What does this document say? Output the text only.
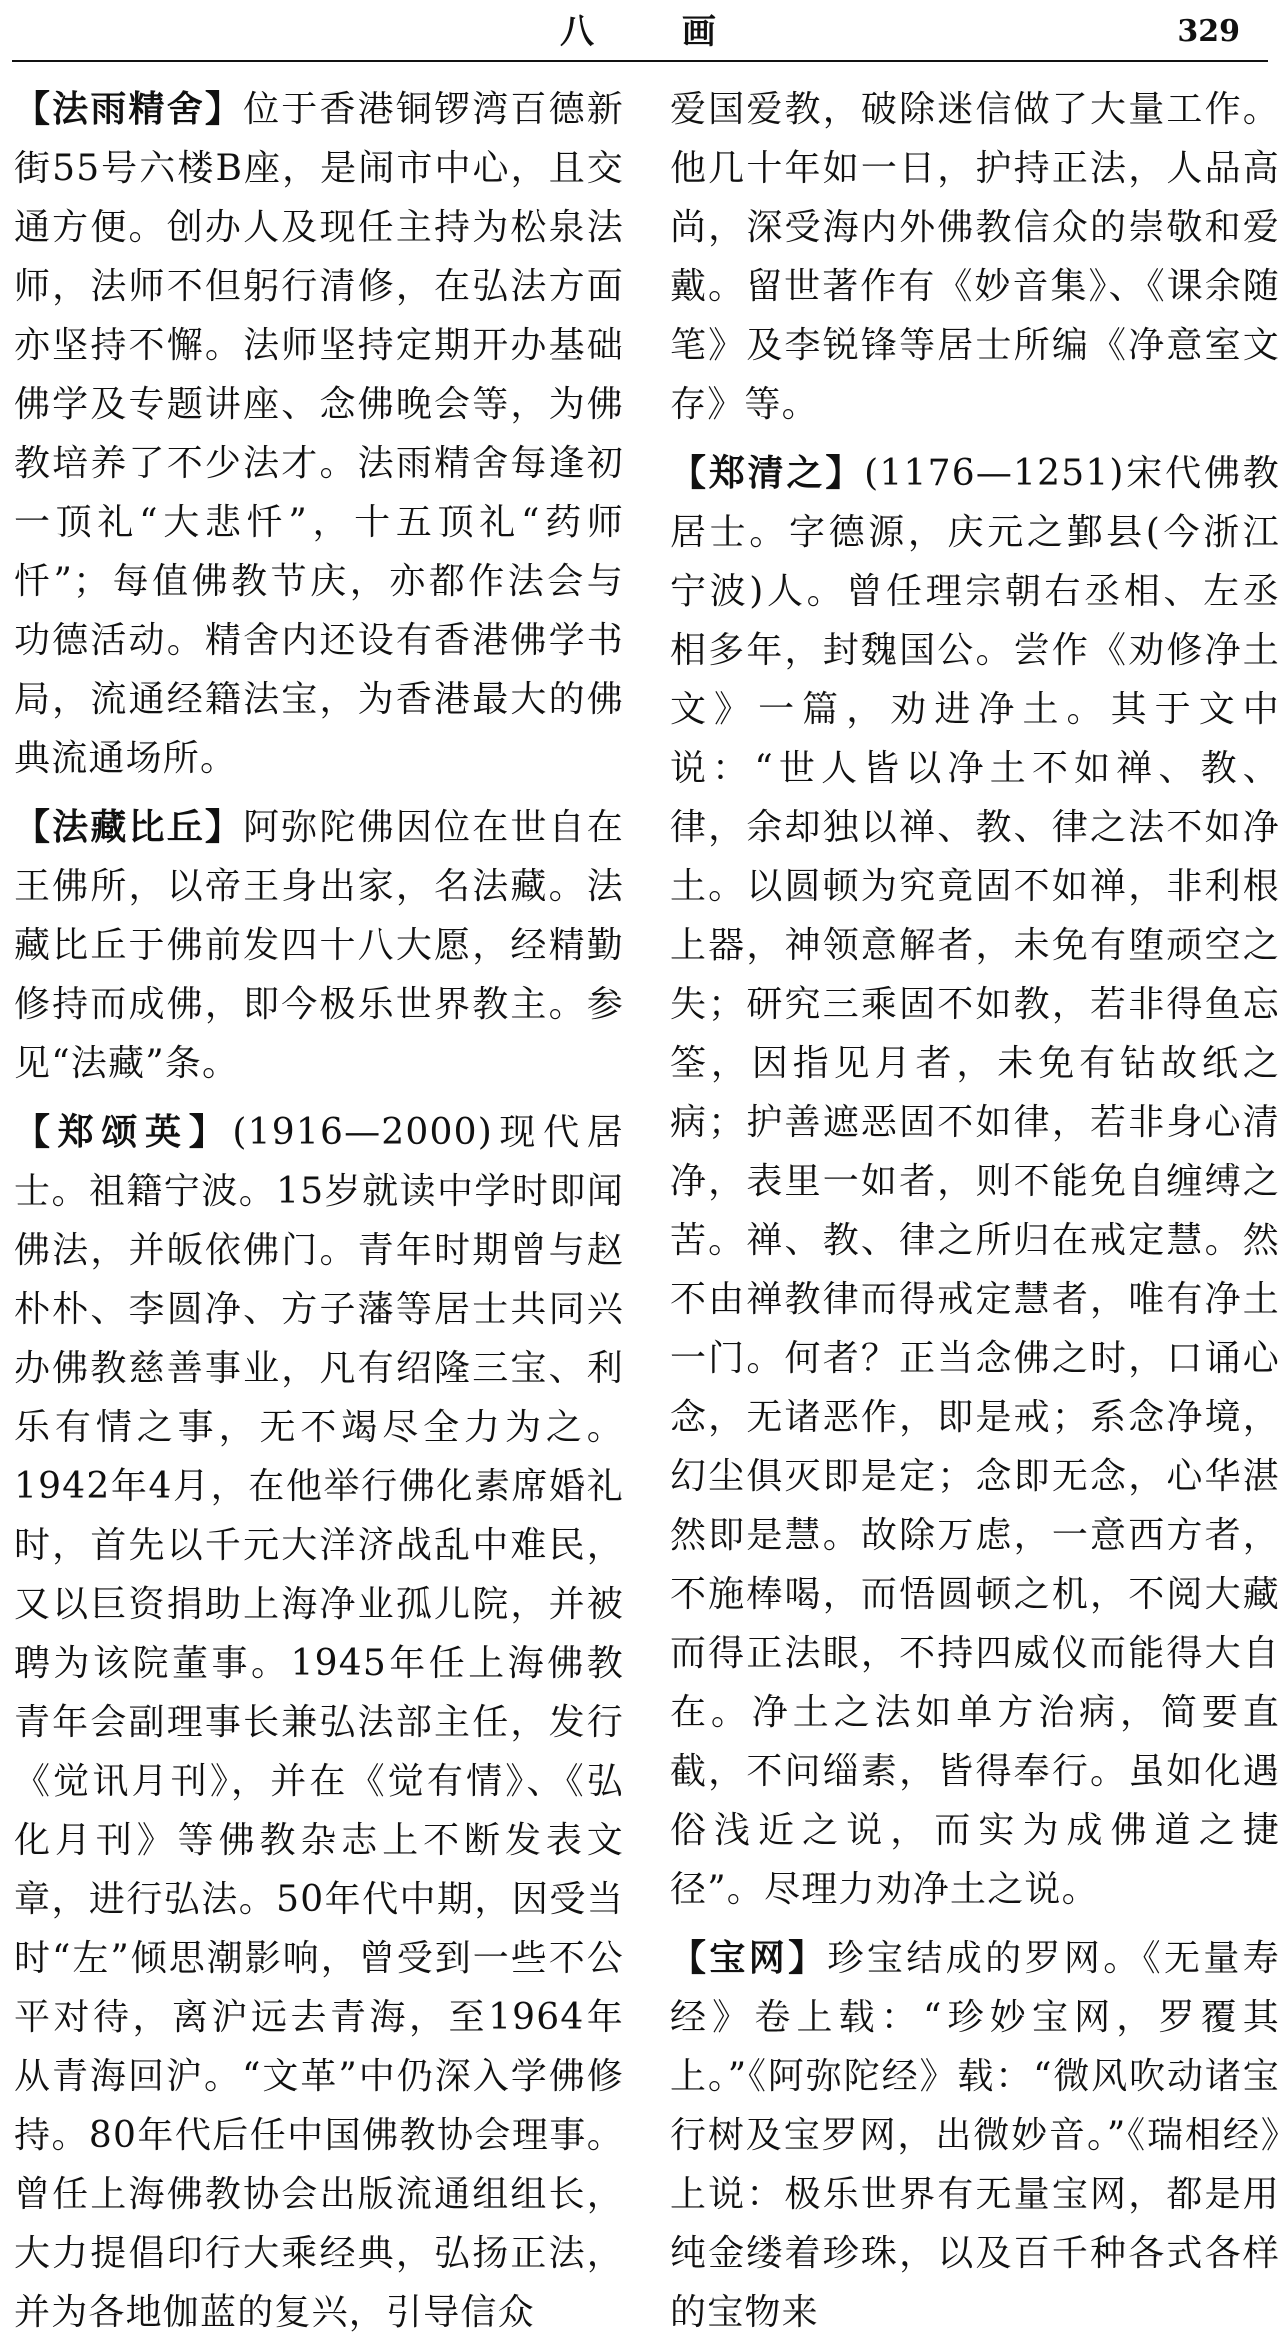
八 画	329

【法雨精舍】位于香港铜锣湾百德新街55号六楼B座，是闹市中心，且交通方便。创办人及现任主持为松泉法师，法师不但躬行清修，在弘法方面亦坚持不懈。法师坚持定期开办基础佛学及专题讲座、念佛晚会等，为佛教培养了不少法才。法雨精舍每逢初一顶礼“大悲忏”，十五顶礼“药师忏”；每值佛教节庆，亦都作法会与功德活动。精舍内还设有香港佛学书局，流通经籍法宝，为香港最大的佛典流通场所。

【法藏比丘】阿弥陀佛因位在世自在王佛所，以帝王身出家，名法藏。法藏比丘于佛前发四十八大愿，经精勤修持而成佛，即今极乐世界教主。参见“法藏”条。

【郑颂英】(1916—2000)现代居士。祖籍宁波。15岁就读中学时即闻佛法，并皈依佛门。青年时期曾与赵朴朴、李圆净、方子藩等居士共同兴办佛教慈善事业，凡有绍隆三宝、利乐有情之事，无不竭尽全力为之。1942年4月，在他举行佛化素席婚礼时，首先以千元大洋济战乱中难民，又以巨资捐助上海净业孤儿院，并被聘为该院董事。1945年任上海佛教青年会副理事长兼弘法部主任，发行《觉讯月刊》，并在《觉有情》、《弘化月刊》等佛教杂志上不断发表文章，进行弘法。50年代中期，因受当时“左”倾思潮影响，曾受到一些不公平对待，离沪远去青海，至1964年从青海回沪。“文革”中仍深入学佛修持。80年代后任中国佛教协会理事。曾任上海佛教协会出版流通组组长，大力提倡印行大乘经典，弘扬正法，并为各地伽蓝的复兴，引导信众

爱国爱教，破除迷信做了大量工作。他几十年如一日，护持正法，人品高尚，深受海内外佛教信众的崇敬和爱戴。留世著作有《妙音集》、《课余随笔》及李锐锋等居士所编《净意室文存》等。

【郑清之】(1176—1251)宋代佛教居士。字德源，庆元之鄞县(今浙江宁波)人。曾任理宗朝右丞相、左丞相多年，封魏国公。尝作《劝修净土文》一篇，劝进净土。其于文中说：“世人皆以净土不如禅、教、律，余却独以禅、教、律之法不如净土。以圆顿为究竟固不如禅，非利根上器，神领意解者，未免有堕顽空之失；研究三乘固不如教，若非得鱼忘筌，因指见月者，未免有钻故纸之病；护善遮恶固不如律，若非身心清净，表里一如者，则不能免自缠缚之苦。禅、教、律之所归在戒定慧。然不由禅教律而得戒定慧者，唯有净土一门。何者？正当念佛之时，口诵心念，无诸恶作，即是戒；系念净境，幻尘俱灭即是定；念即无念，心华湛然即是慧。故除万虑，一意西方者，不施棒喝，而悟圆顿之机，不阅大藏而得正法眼，不持四威仪而能得大自在。净土之法如单方治病，简要直截，不问缁素，皆得奉行。虽如化遇俗浅近之说，而实为成佛道之捷径”。尽理力劝净土之说。

【宝网】珍宝结成的罗网。《无量寿经》卷上载：“珍妙宝网，罗覆其上。”《阿弥陀经》载：“微风吹动诸宝行树及宝罗网，出微妙音。”《瑞相经》上说：极乐世界有无量宝网，都是用纯金缕着珍珠，以及百千种各式各样的宝物来
